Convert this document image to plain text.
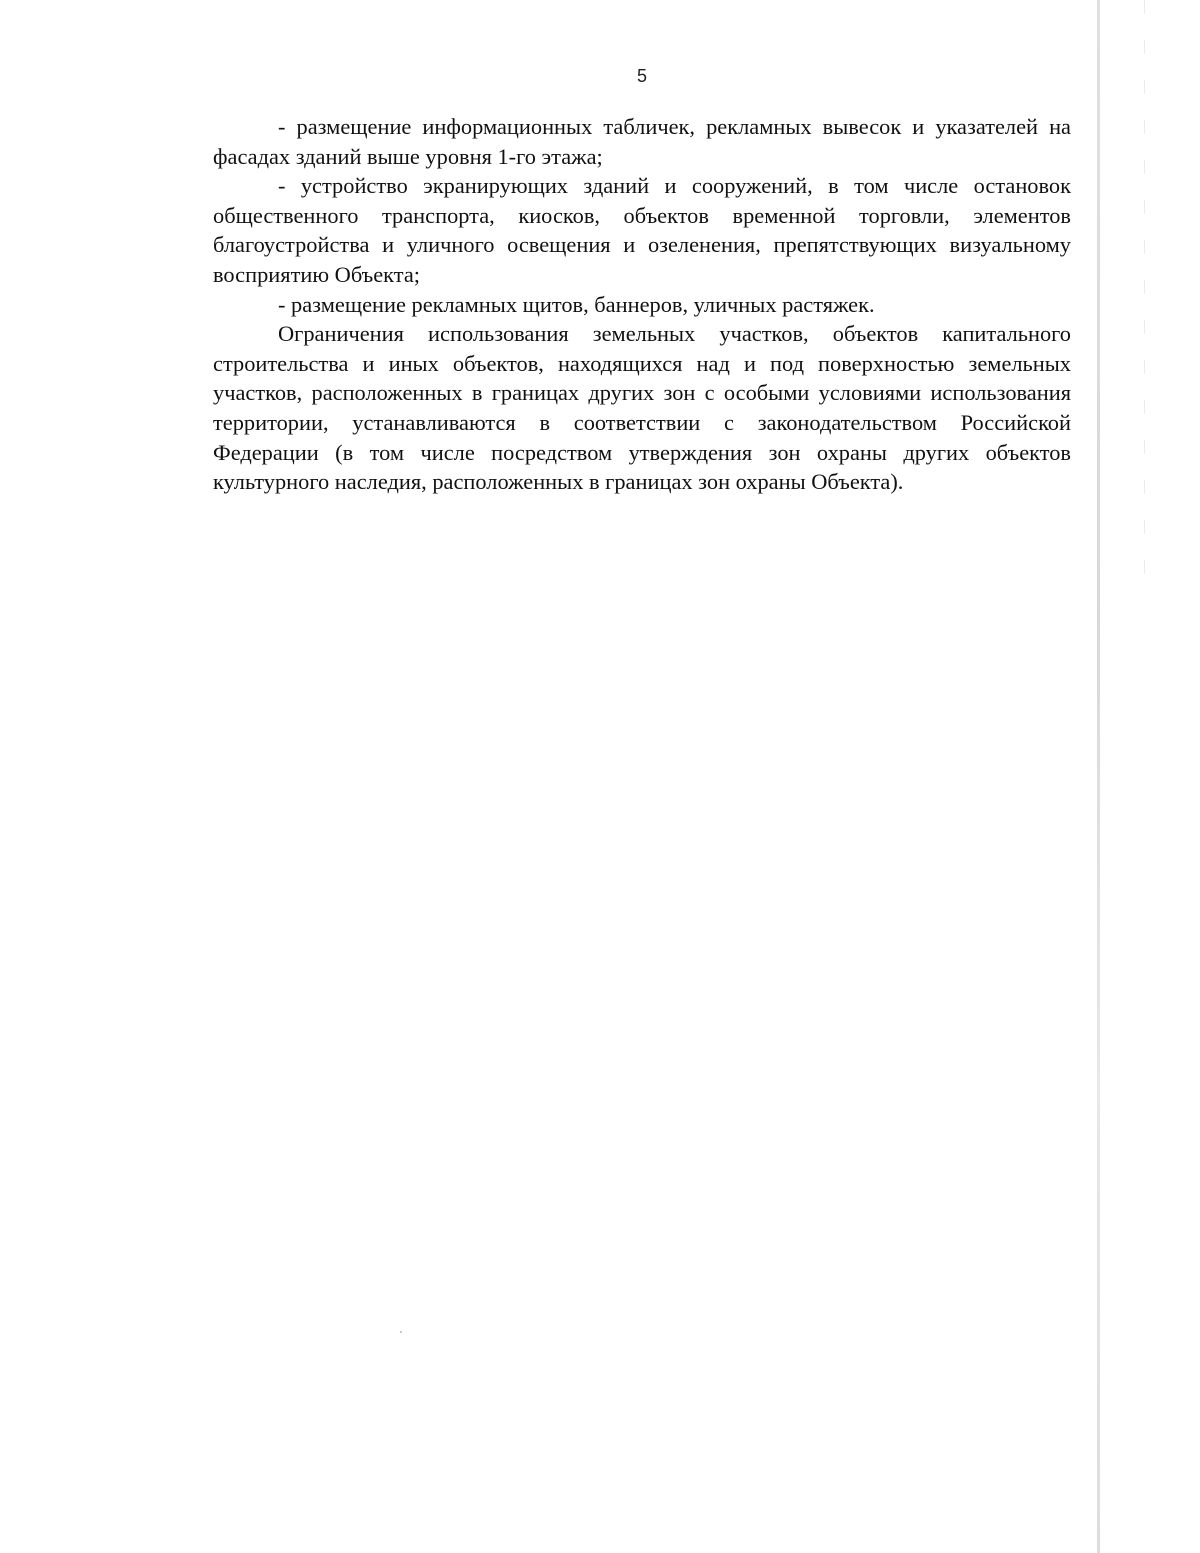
5

- размещение информационных табличек, рекламных вывесок и указателей на фасадах зданий выше уровня 1-го этажа;

- устройство экранирующих зданий и сооружений, в том числе остановок общественного транспорта, киосков, объектов временной торговли, элементов благоустройства и уличного освещения и озеленения, препятствующих визуальному восприятию Объекта;

- размещение рекламных щитов, баннеров, уличных растяжек.

Ограничения использования земельных участков, объектов капитального строительства и иных объектов, находящихся над и под поверхностью земельных участков, расположенных в границах других зон с особыми условиями использования территории, устанавливаются в соответствии с законодательством Российской Федерации (в том числе посредством утверждения зон охраны других объектов культурного наследия, расположенных в границах зон охраны Объекта).
